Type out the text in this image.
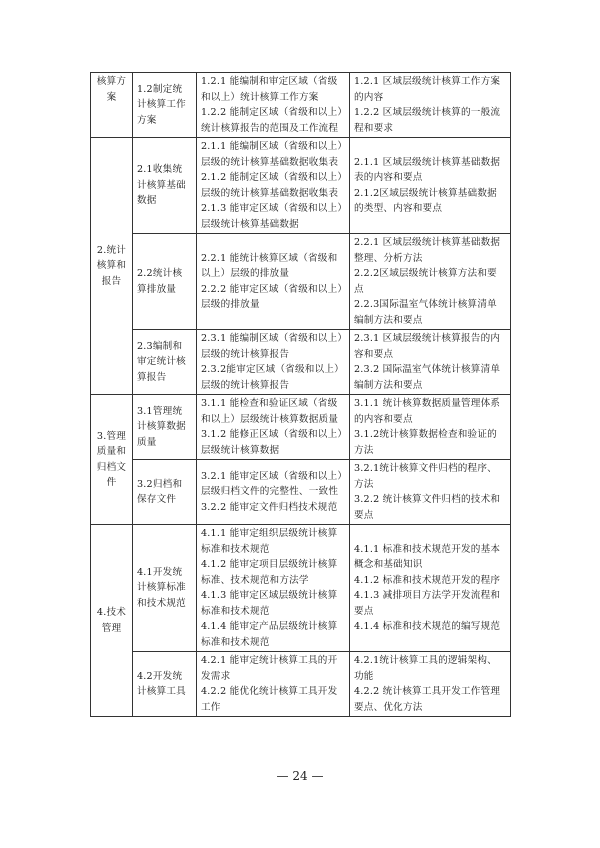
核算方案	1.2制定统计核算工作方案	1.2.1 能编制和审定区域（省级和以上）统计核算工作方案
1.2.2 能制定区域（省级和以上）统计核算报告的范围及工作流程	1.2.1 区域层级统计核算工作方案的内容
1.2.2 区域层级统计核算的一般流程和要求

2.统计核算和报告	2.1收集统计核算基础数据	2.1.1 能编制区域（省级和以上）层级的统计核算基础数据收集表
2.1.2 能制定区域（省级和以上）层级的统计核算基础数据收集表
2.1.3 能审定区域（省级和以上）层级统计核算基础数据	2.1.1 区域层级统计核算基础数据表的内容和要点
2.1.2区域层级统计核算基础数据的类型、内容和要点

	2.2统计核算排放量	2.2.1 能统计核算区域（省级和以上）层级的排放量
2.2.2 能审定区域（省级和以上）层级的排放量	2.2.1 区域层级统计核算基础数据整理、分析方法
2.2.2区域层级统计核算方法和要点
2.2.3国际温室气体统计核算清单编制方法和要点

	2.3编制和审定统计核算报告	2.3.1 能编制区域（省级和以上）层级的统计核算报告
2.3.2能审定区域（省级和以上）层级的统计核算报告	2.3.1 区域层级统计核算报告的内容和要点
2.3.2 国际温室气体统计核算清单编制方法和要点

3.管理质量和归档文件	3.1管理统计核算数据质量	3.1.1 能检查和验证区域（省级和以上）层级统计核算数据质量
3.1.2 能修正区域（省级和以上）层级统计核算数据	3.1.1 统计核算数据质量管理体系的内容和要点
3.1.2统计核算数据检查和验证的方法

	3.2归档和保存文件	3.2.1 能审定区域（省级和以上）层级归档文件的完整性、一致性
3.2.2 能审定文件归档技术规范	3.2.1统计核算文件归档的程序、方法
3.2.2 统计核算文件归档的技术和要点

4.技术管理	4.1开发统计核算标准和技术规范	4.1.1 能审定组织层级统计核算标准和技术规范
4.1.2 能审定项目层级统计核算标准、技术规范和方法学
4.1.3 能审定区域层级统计核算标准和技术规范
4.1.4 能审定产品层级统计核算标准和技术规范	4.1.1 标准和技术规范开发的基本概念和基础知识
4.1.2 标准和技术规范开发的程序
4.1.3 减排项目方法学开发流程和要点
4.1.4 标准和技术规范的编写规范

	4.2开发统计核算工具	4.2.1 能审定统计核算工具的开发需求
4.2.2 能优化统计核算工具开发工作	4.2.1统计核算工具的逻辑架构、功能
4.2.2 统计核算工具开发工作管理要点、优化方法
— 24 —
